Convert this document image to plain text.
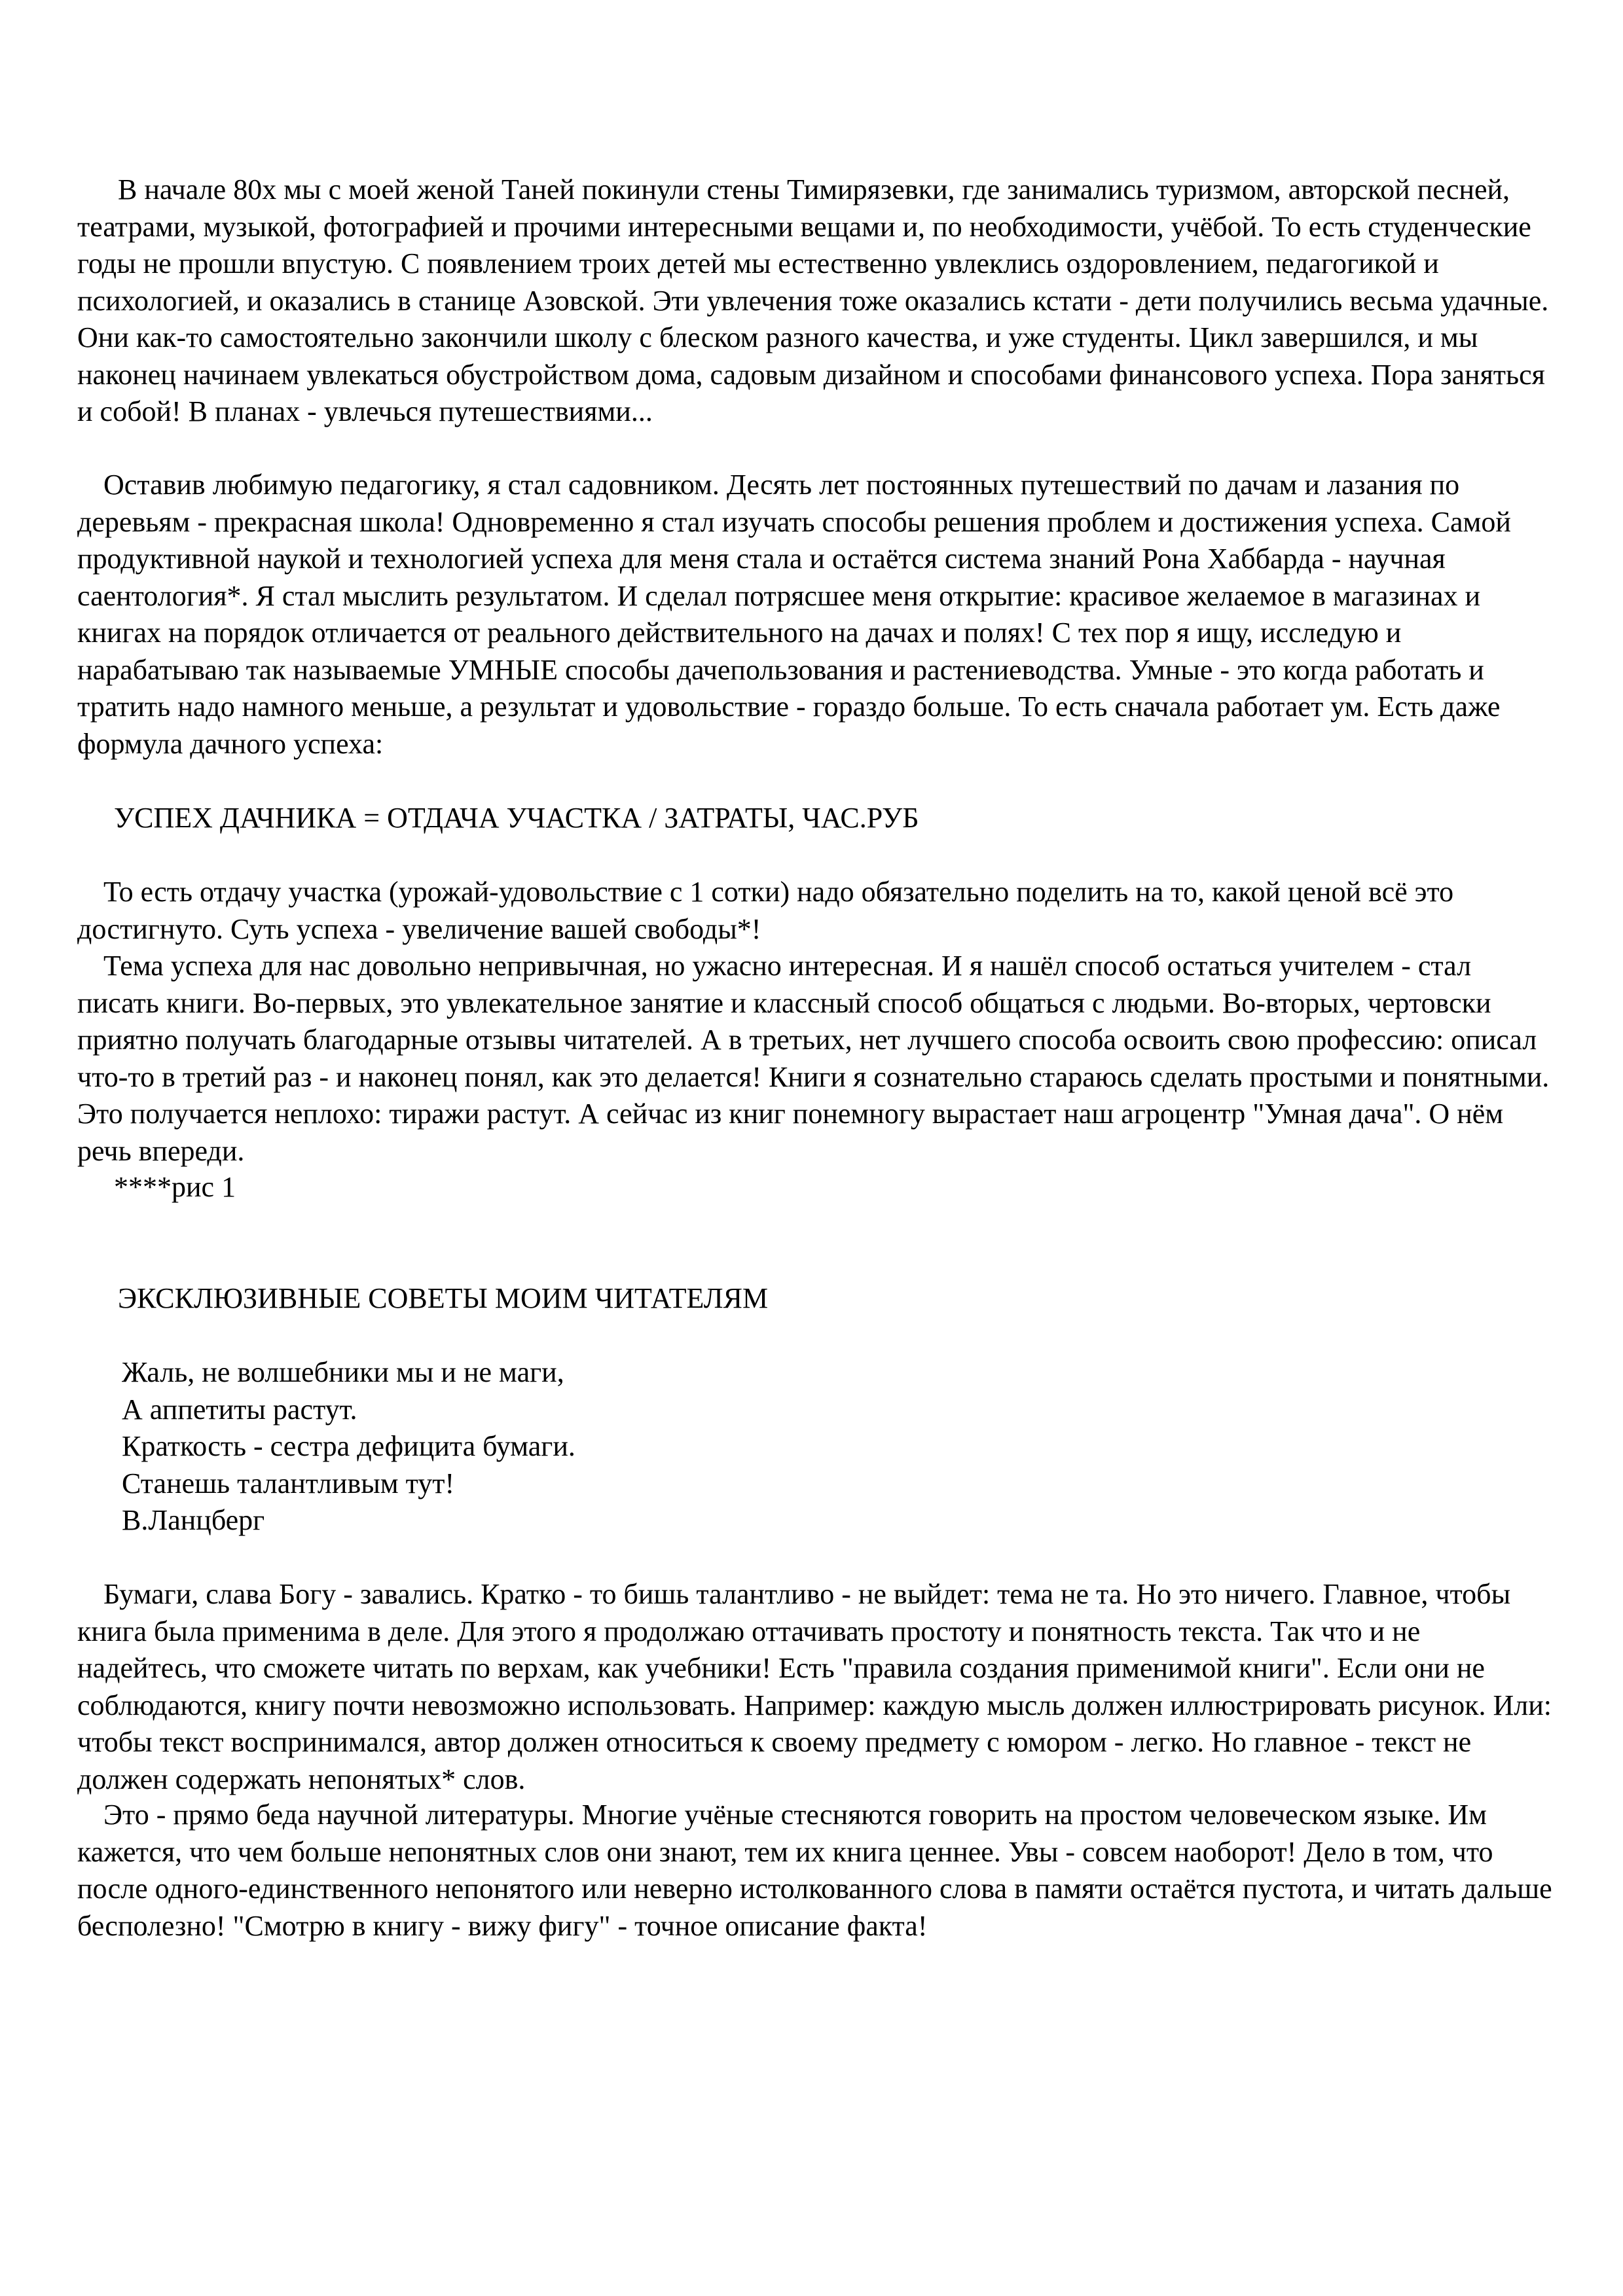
В начале 80х мы с моей женой Таней покинули стены Тимирязевки, где занимались туризмом, авторской песней, театрами, музыкой, фотографией и прочими интересными вещами и, по необходимости, учёбой. То есть студенческие годы не прошли впустую. С появлением троих детей мы естественно увлеклись оздоровлением, педагогикой и психологией, и оказались в станице Азовской. Эти увлечения тоже оказались кстати - дети получились весьма удачные. Они как-то самостоятельно закончили школу с блеском разного качества, и уже студенты. Цикл завершился, и мы наконец начинаем увлекаться обустройством дома, садовым дизайном и способами финансового успеха. Пора заняться и собой! В планах - увлечься путешествиями...

Оставив любимую педагогику, я стал садовником. Десять лет постоянных путешествий по дачам и лазания по деревьям - прекрасная школа! Одновременно я стал изучать способы решения проблем и достижения успеха. Самой продуктивной наукой и технологией успеха для меня стала и остаётся система знаний Рона Хаббарда - научная саентология*. Я стал мыслить результатом. И сделал потрясшее меня открытие: красивое желаемое в магазинах и книгах на порядок отличается от реального действительного на дачах и полях! С тех пор я ищу, исследую и нарабатываю так называемые УМНЫЕ способы дачепользования и растениеводства. Умные - это когда работать и тратить надо намного меньше, а результат и удовольствие - гораздо больше. То есть сначала работает ум. Есть даже формула дачного успеха:

УСПЕХ ДАЧНИКА = ОТДАЧА УЧАСТКА / ЗАТРАТЫ, ЧАС.РУБ

То есть отдачу участка (урожай-удовольствие с 1 сотки) надо обязательно поделить на то, какой ценой всё это достигнуто. Суть успеха - увеличение вашей свободы*!

Тема успеха для нас довольно непривычная, но ужасно интересная. И я нашёл способ остаться учителем - стал писать книги. Во-первых, это увлекательное занятие и классный способ общаться с людьми. Во-вторых, чертовски приятно получать благодарные отзывы читателей. А в третьих, нет лучшего способа освоить свою профессию: описал что-то в третий раз - и наконец понял, как это делается! Книги я сознательно стараюсь сделать простыми и понятными. Это получается неплохо: тиражи растут. А сейчас из книг понемногу вырастает наш агроцентр "Умная дача". О нём речь впереди.

****рис 1

ЭКСКЛЮЗИВНЫЕ СОВЕТЫ МОИМ ЧИТАТЕЛЯМ

Жаль, не волшебники мы и не маги,
А аппетиты растут.
Краткость - сестра дефицита бумаги.
Станешь талантливым тут!
В.Ланцберг

Бумаги, слава Богу - завались. Кратко - то бишь талантливо - не выйдет: тема не та. Но это ничего. Главное, чтобы книга была применима в деле. Для этого я продолжаю оттачивать простоту и понятность текста. Так что и не надейтесь, что сможете читать по верхам, как учебники! Есть "правила создания применимой книги". Если они не соблюдаются, книгу почти невозможно использовать. Например: каждую мысль должен иллюстрировать рисунок. Или: чтобы текст воспринимался, автор должен относиться к своему предмету с юмором - легко. Но главное - текст не должен содержать непонятых* слов.

Это - прямо беда научной литературы. Многие учёные стесняются говорить на простом человеческом языке. Им кажется, что чем больше непонятных слов они знают, тем их книга ценнее. Увы - совсем наоборот! Дело в том, что после одного-единственного непонятого или неверно истолкованного слова в памяти остаётся пустота, и читать дальше бесполезно! "Смотрю в книгу - вижу фигу" - точное описание факта!
